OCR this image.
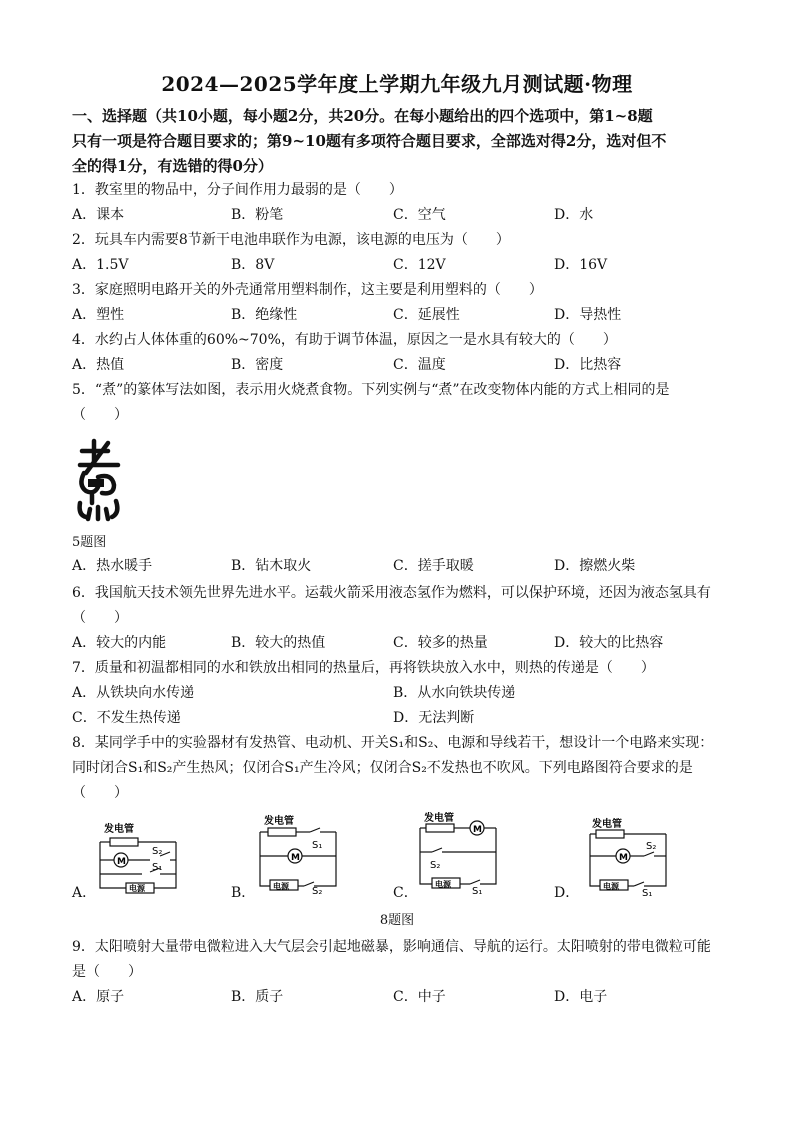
2024—2025学年度上学期九年级九月测试题·物理
一、选择题（共10小题，每小题2分，共20分。在每小题给出的四个选项中，第1~8题
只有一项是符合题目要求的；第9~10题有多项符合题目要求，全部选对得2分，选对但不
全的得1分，有选错的得0分）
1．教室里的物品中，分子间作用力最弱的是（　　）
A．课本	B．粉笔	C．空气	D．水
2．玩具车内需要8节新干电池串联作为电源，该电源的电压为（　　）
A．1.5V	B．8V	C．12V	D．16V
3．家庭照明电路开关的外壳通常用塑料制作，这主要是利用塑料的（　　）
A．塑性	B．绝缘性	C．延展性	D．导热性
4．水约占人体体重的60%~70%，有助于调节体温，原因之一是水具有较大的（　　）
A．热值	B．密度	C．温度	D．比热容
5．“煮”的篆体写法如图，表示用火烧煮食物。下列实例与“煮”在改变物体内能的方式上相同的是
（　　）
5题图
A．热水暖手	B．钻木取火	C．搓手取暖	D．擦燃火柴
6．我国航天技术领先世界先进水平。运载火箭采用液态氢作为燃料，可以保护环境，还因为液态氢具有
（　　）
A．较大的内能	B．较大的热值	C．较多的热量	D．较大的比热容
7．质量和初温都相同的水和铁放出相同的热量后，再将铁块放入水中，则热的传递是（　　）
A．从铁块向水传递	B．从水向铁块传递
C．不发生热传递	D．无法判断
8．某同学手中的实验器材有发热管、电动机、开关S₁和S₂、电源和导线若干，想设计一个电路来实现：
同时闭合S₁和S₂产生热风；仅闭合S₁产生冷风；仅闭合S₂不发热也不吹风。下列电路图符合要求的是
（　　）
发电管
M
S₂
S₁
电源
A．
发电管
M
S₁
电源 S₂
B．
发电管
M
S₂
电源
S₁
C．
发电管
M
S₂
电源
S₁
D．
8题图
9．太阳喷射大量带电微粒进入大气层会引起地磁暴，影响通信、导航的运行。太阳喷射的带电微粒可能
是（　　）
A．原子	B．质子	C．中子	D．电子
